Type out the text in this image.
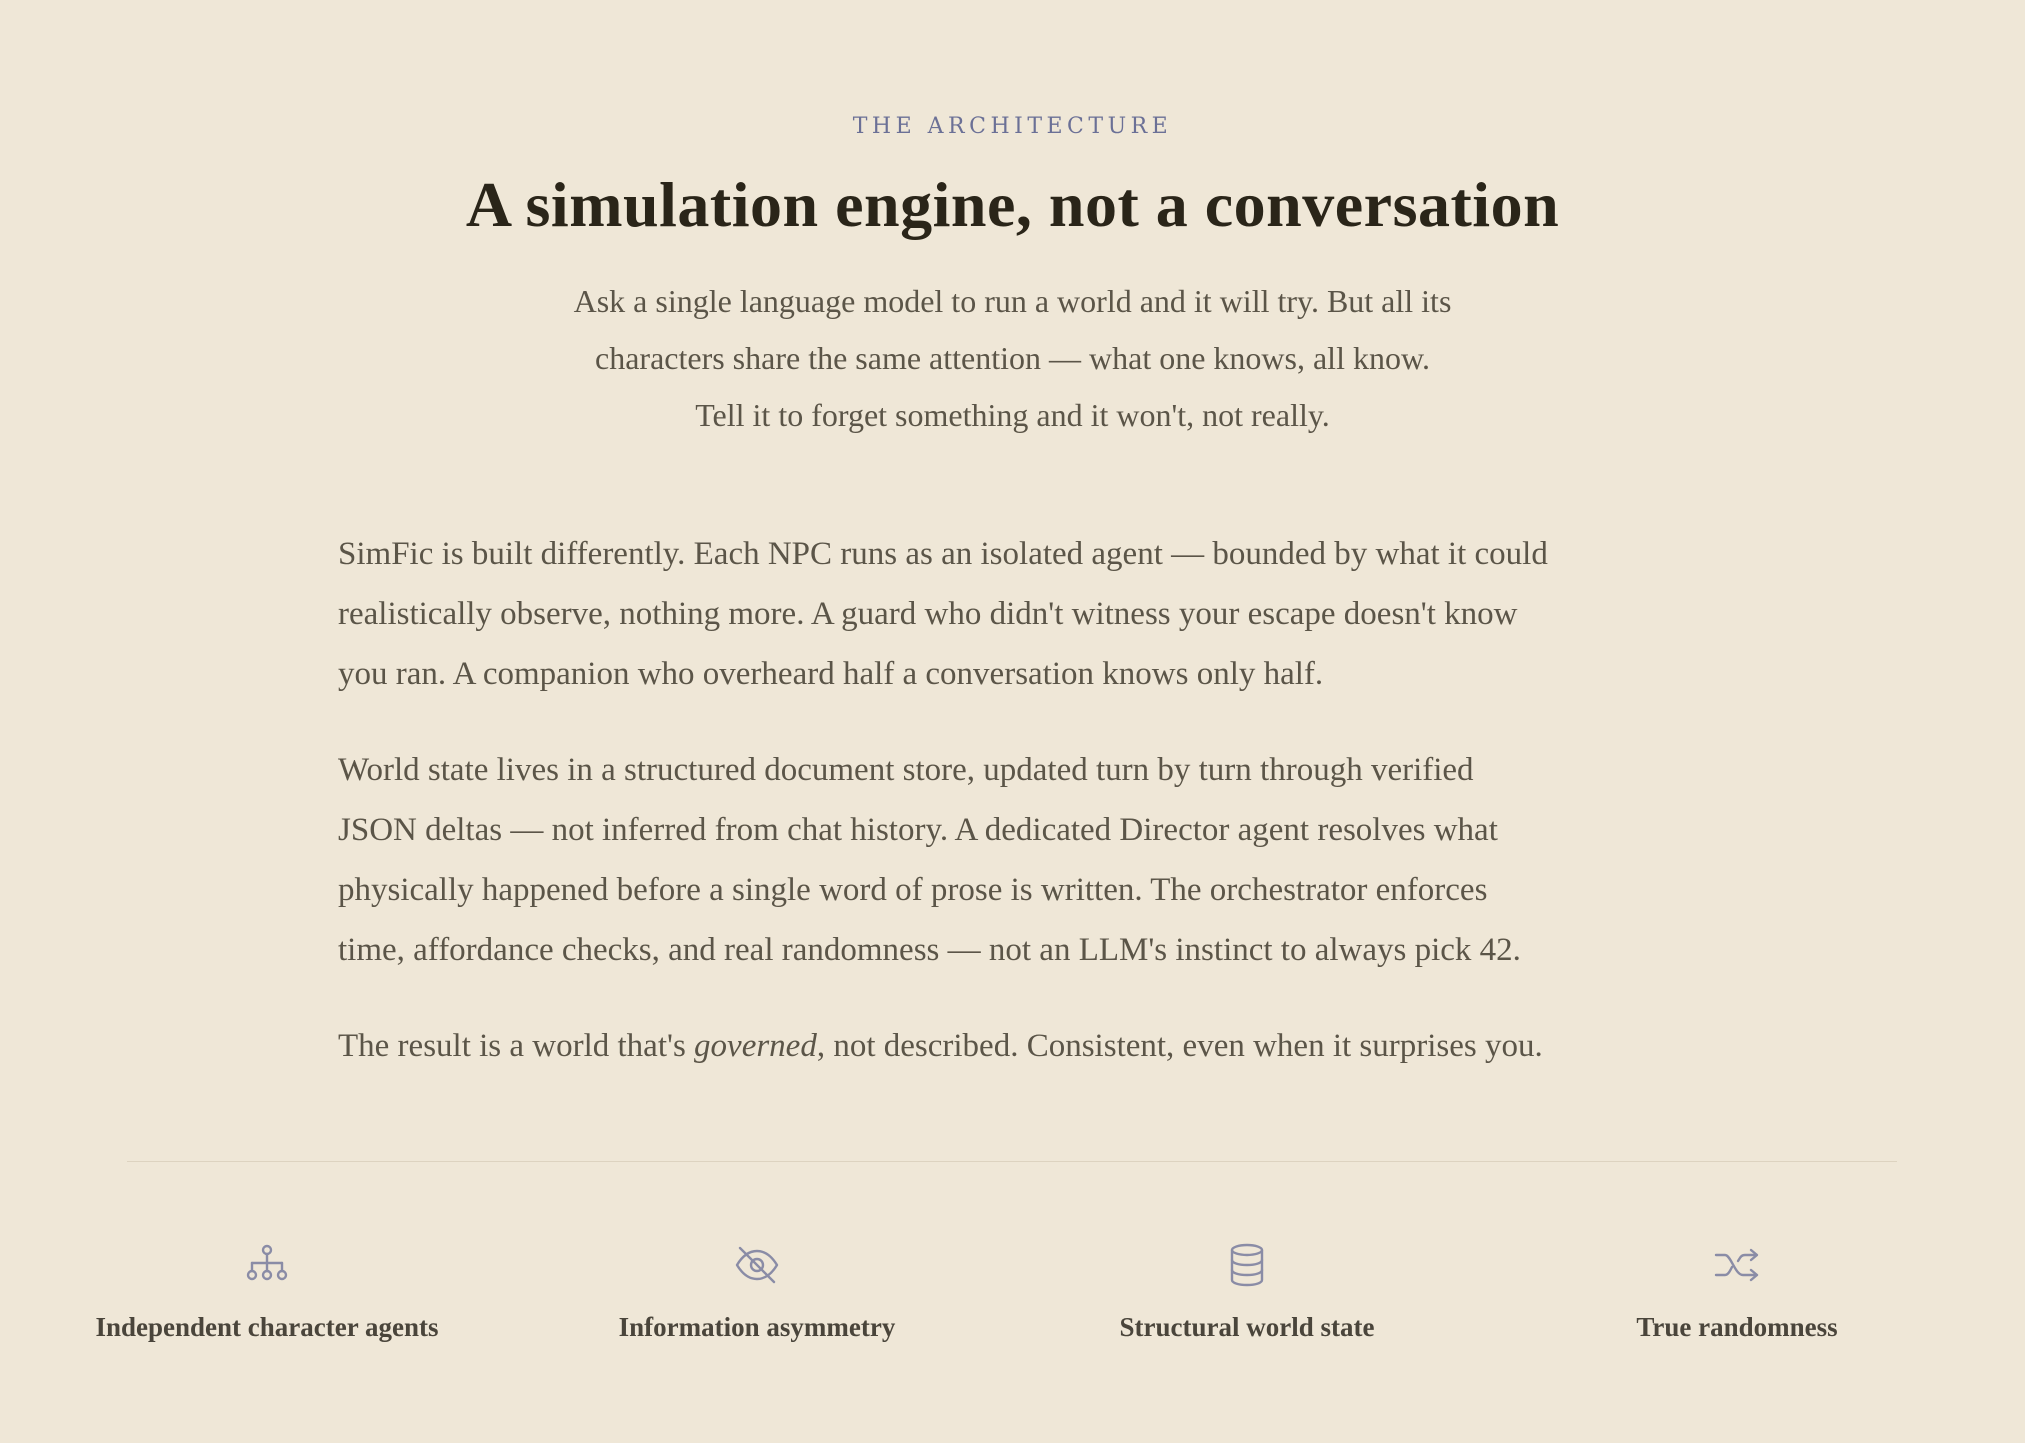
THE ARCHITECTURE
A simulation engine, not a conversation
Ask a single language model to run a world and it will try. But all its
characters share the same attention — what one knows, all know.
Tell it to forget something and it won't, not really.

SimFic is built differently. Each NPC runs as an isolated agent — bounded by what it could
realistically observe, nothing more. A guard who didn't witness your escape doesn't know
you ran. A companion who overheard half a conversation knows only half.

World state lives in a structured document store, updated turn by turn through verified
JSON deltas — not inferred from chat history. A dedicated Director agent resolves what
physically happened before a single word of prose is written. The orchestrator enforces
time, affordance checks, and real randomness — not an LLM's instinct to always pick 42.

The result is a world that's governed, not described. Consistent, even when it surprises you.

Independent character agents	Information asymmetry	Structural world state	True randomness
